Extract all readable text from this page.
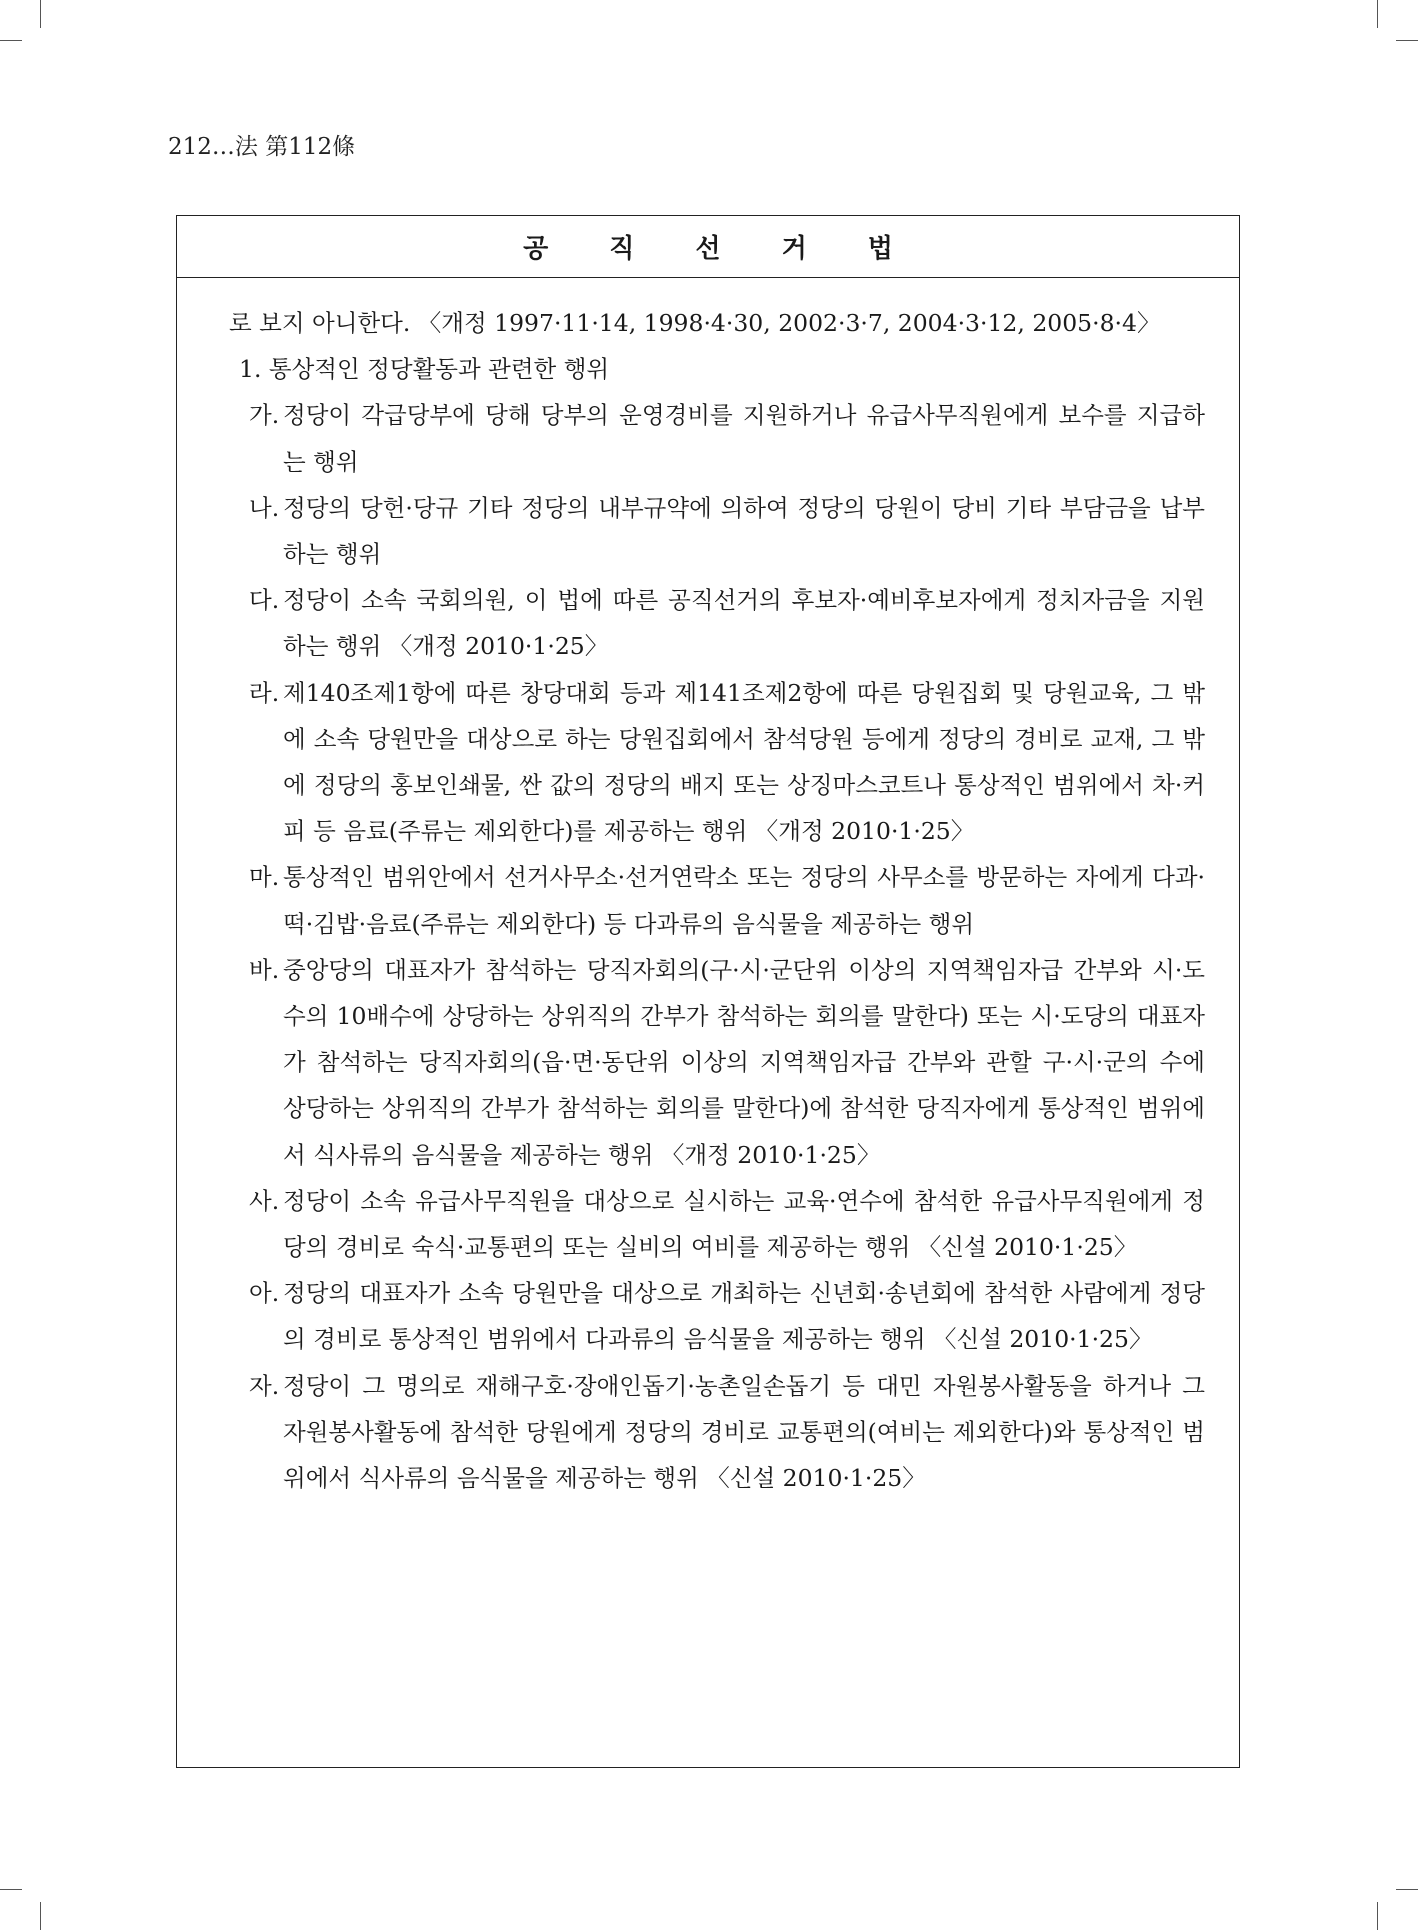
212…法 第112條
공 직 선 거 법
로 보지 아니한다. 〈개정 1997·11·14, 1998·4·30, 2002·3·7, 2004·3·12, 2005·8·4〉
1. 통상적인 정당활동과 관련한 행위
가. 정당이 각급당부에 당해 당부의 운영경비를 지원하거나 유급사무직원에게 보수를 지급하는 행위
나. 정당의 당헌·당규 기타 정당의 내부규약에 의하여 정당의 당원이 당비 기타 부담금을 납부하는 행위
다. 정당이 소속 국회의원, 이 법에 따른 공직선거의 후보자·예비후보자에게 정치자금을 지원하는 행위 〈개정 2010·1·25〉
라. 제140조제1항에 따른 창당대회 등과 제141조제2항에 따른 당원집회 및 당원교육, 그 밖에 소속 당원만을 대상으로 하는 당원집회에서 참석당원 등에게 정당의 경비로 교재, 그 밖에 정당의 홍보인쇄물, 싼 값의 정당의 배지 또는 상징마스코트나 통상적인 범위에서 차·커피 등 음료(주류는 제외한다)를 제공하는 행위 〈개정 2010·1·25〉
마. 통상적인 범위안에서 선거사무소·선거연락소 또는 정당의 사무소를 방문하는 자에게 다과·떡·김밥·음료(주류는 제외한다) 등 다과류의 음식물을 제공하는 행위
바. 중앙당의 대표자가 참석하는 당직자회의(구·시·군단위 이상의 지역책임자급 간부와 시·도수의 10배수에 상당하는 상위직의 간부가 참석하는 회의를 말한다) 또는 시·도당의 대표자가 참석하는 당직자회의(읍·면·동단위 이상의 지역책임자급 간부와 관할 구·시·군의 수에 상당하는 상위직의 간부가 참석하는 회의를 말한다)에 참석한 당직자에게 통상적인 범위에서 식사류의 음식물을 제공하는 행위 〈개정 2010·1·25〉
사. 정당이 소속 유급사무직원을 대상으로 실시하는 교육·연수에 참석한 유급사무직원에게 정당의 경비로 숙식·교통편의 또는 실비의 여비를 제공하는 행위 〈신설 2010·1·25〉
아. 정당의 대표자가 소속 당원만을 대상으로 개최하는 신년회·송년회에 참석한 사람에게 정당의 경비로 통상적인 범위에서 다과류의 음식물을 제공하는 행위 〈신설 2010·1·25〉
자. 정당이 그 명의로 재해구호·장애인돕기·농촌일손돕기 등 대민 자원봉사활동을 하거나 그 자원봉사활동에 참석한 당원에게 정당의 경비로 교통편의(여비는 제외한다)와 통상적인 범위에서 식사류의 음식물을 제공하는 행위 〈신설 2010·1·25〉
